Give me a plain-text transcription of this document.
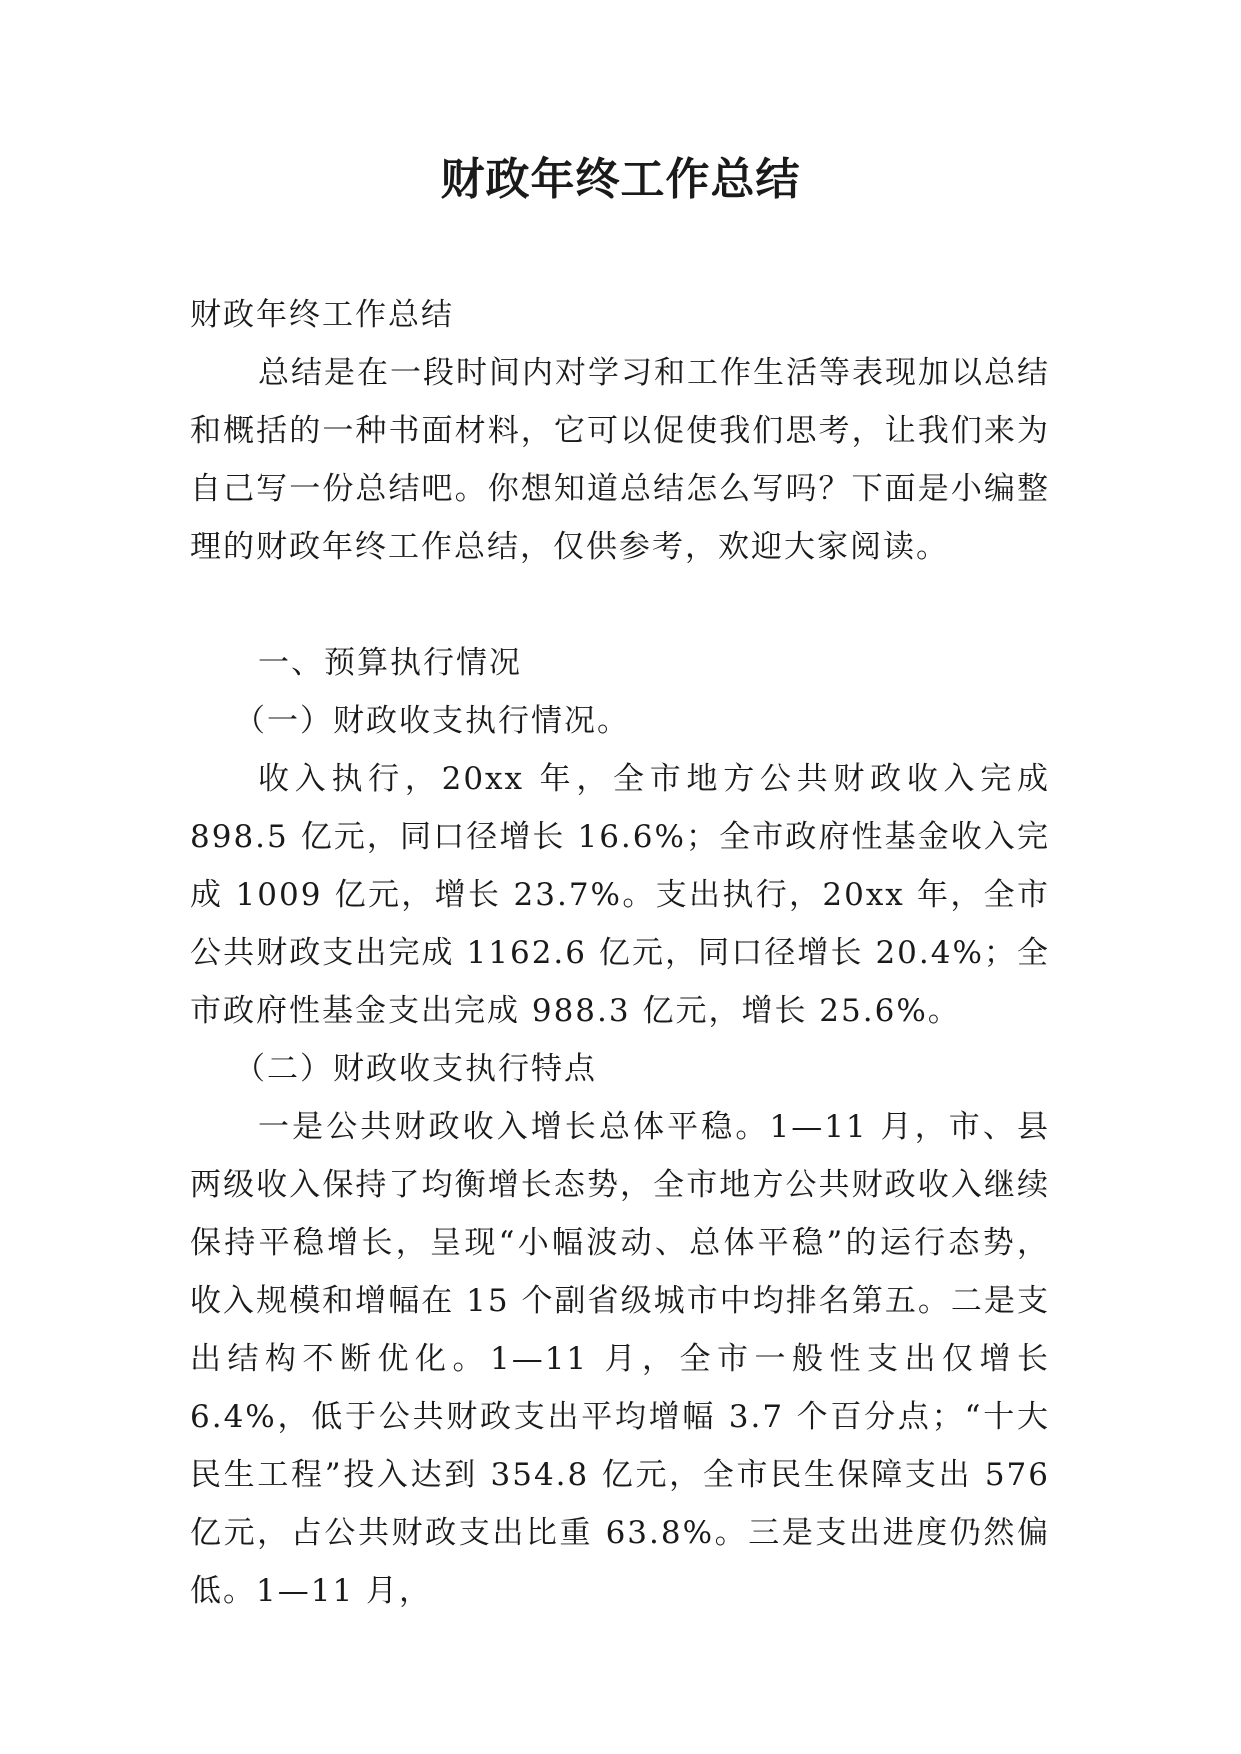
财政年终工作总结

财政年终工作总结

总结是在一段时间内对学习和工作生活等表现加以总结和概括的一种书面材料，它可以促使我们思考，让我们来为自己写一份总结吧。你想知道总结怎么写吗？下面是小编整理的财政年终工作总结，仅供参考，欢迎大家阅读。

一、预算执行情况

（一）财政收支执行情况。

收入执行，20xx 年，全市地方公共财政收入完成 898.5 亿元，同口径增长 16.6%；全市政府性基金收入完成 1009 亿元，增长 23.7%。支出执行，20xx 年，全市公共财政支出完成 1162.6 亿元，同口径增长 20.4%；全市政府性基金支出完成 988.3 亿元，增长 25.6%。

（二）财政收支执行特点

一是公共财政收入增长总体平稳。1—11 月，市、县两级收入保持了均衡增长态势，全市地方公共财政收入继续保持平稳增长，呈现“小幅波动、总体平稳”的运行态势，收入规模和增幅在 15 个副省级城市中均排名第五。二是支出结构不断优化。1—11 月，全市一般性支出仅增长 6.4%，低于公共财政支出平均增幅 3.7 个百分点；“十大民生工程”投入达到 354.8 亿元，全市民生保障支出 576 亿元，占公共财政支出比重 63.8%。三是支出进度仍然偏低。1—11 月，
